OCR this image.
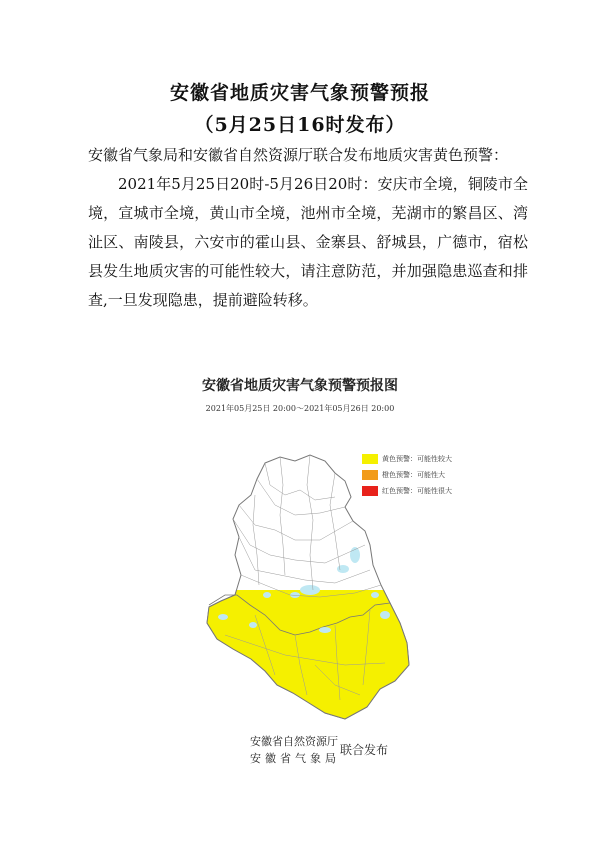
安徽省地质灾害气象预警预报
（5月25日16时发布）
安徽省气象局和安徽省自然资源厅联合发布地质灾害黄色预警：
2021年5月25日20时-5月26日20时：安庆市全境，铜陵市全境，宣城市全境，黄山市全境，池州市全境，芜湖市的繁昌区、湾沚区、南陵县，六安市的霍山县、金寨县、舒城县，广德市，宿松县发生地质灾害的可能性较大，请注意防范，并加强隐患巡查和排查,一旦发现隐患，提前避险转移。
安徽省地质灾害气象预警预报图
2021年05月25日 20:00～2021年05月26日 20:00
黄色预警：可能性较大
橙色预警：可能性大
红色预警：可能性很大
安徽省自然资源厅
安徽省气象局
联合发布
